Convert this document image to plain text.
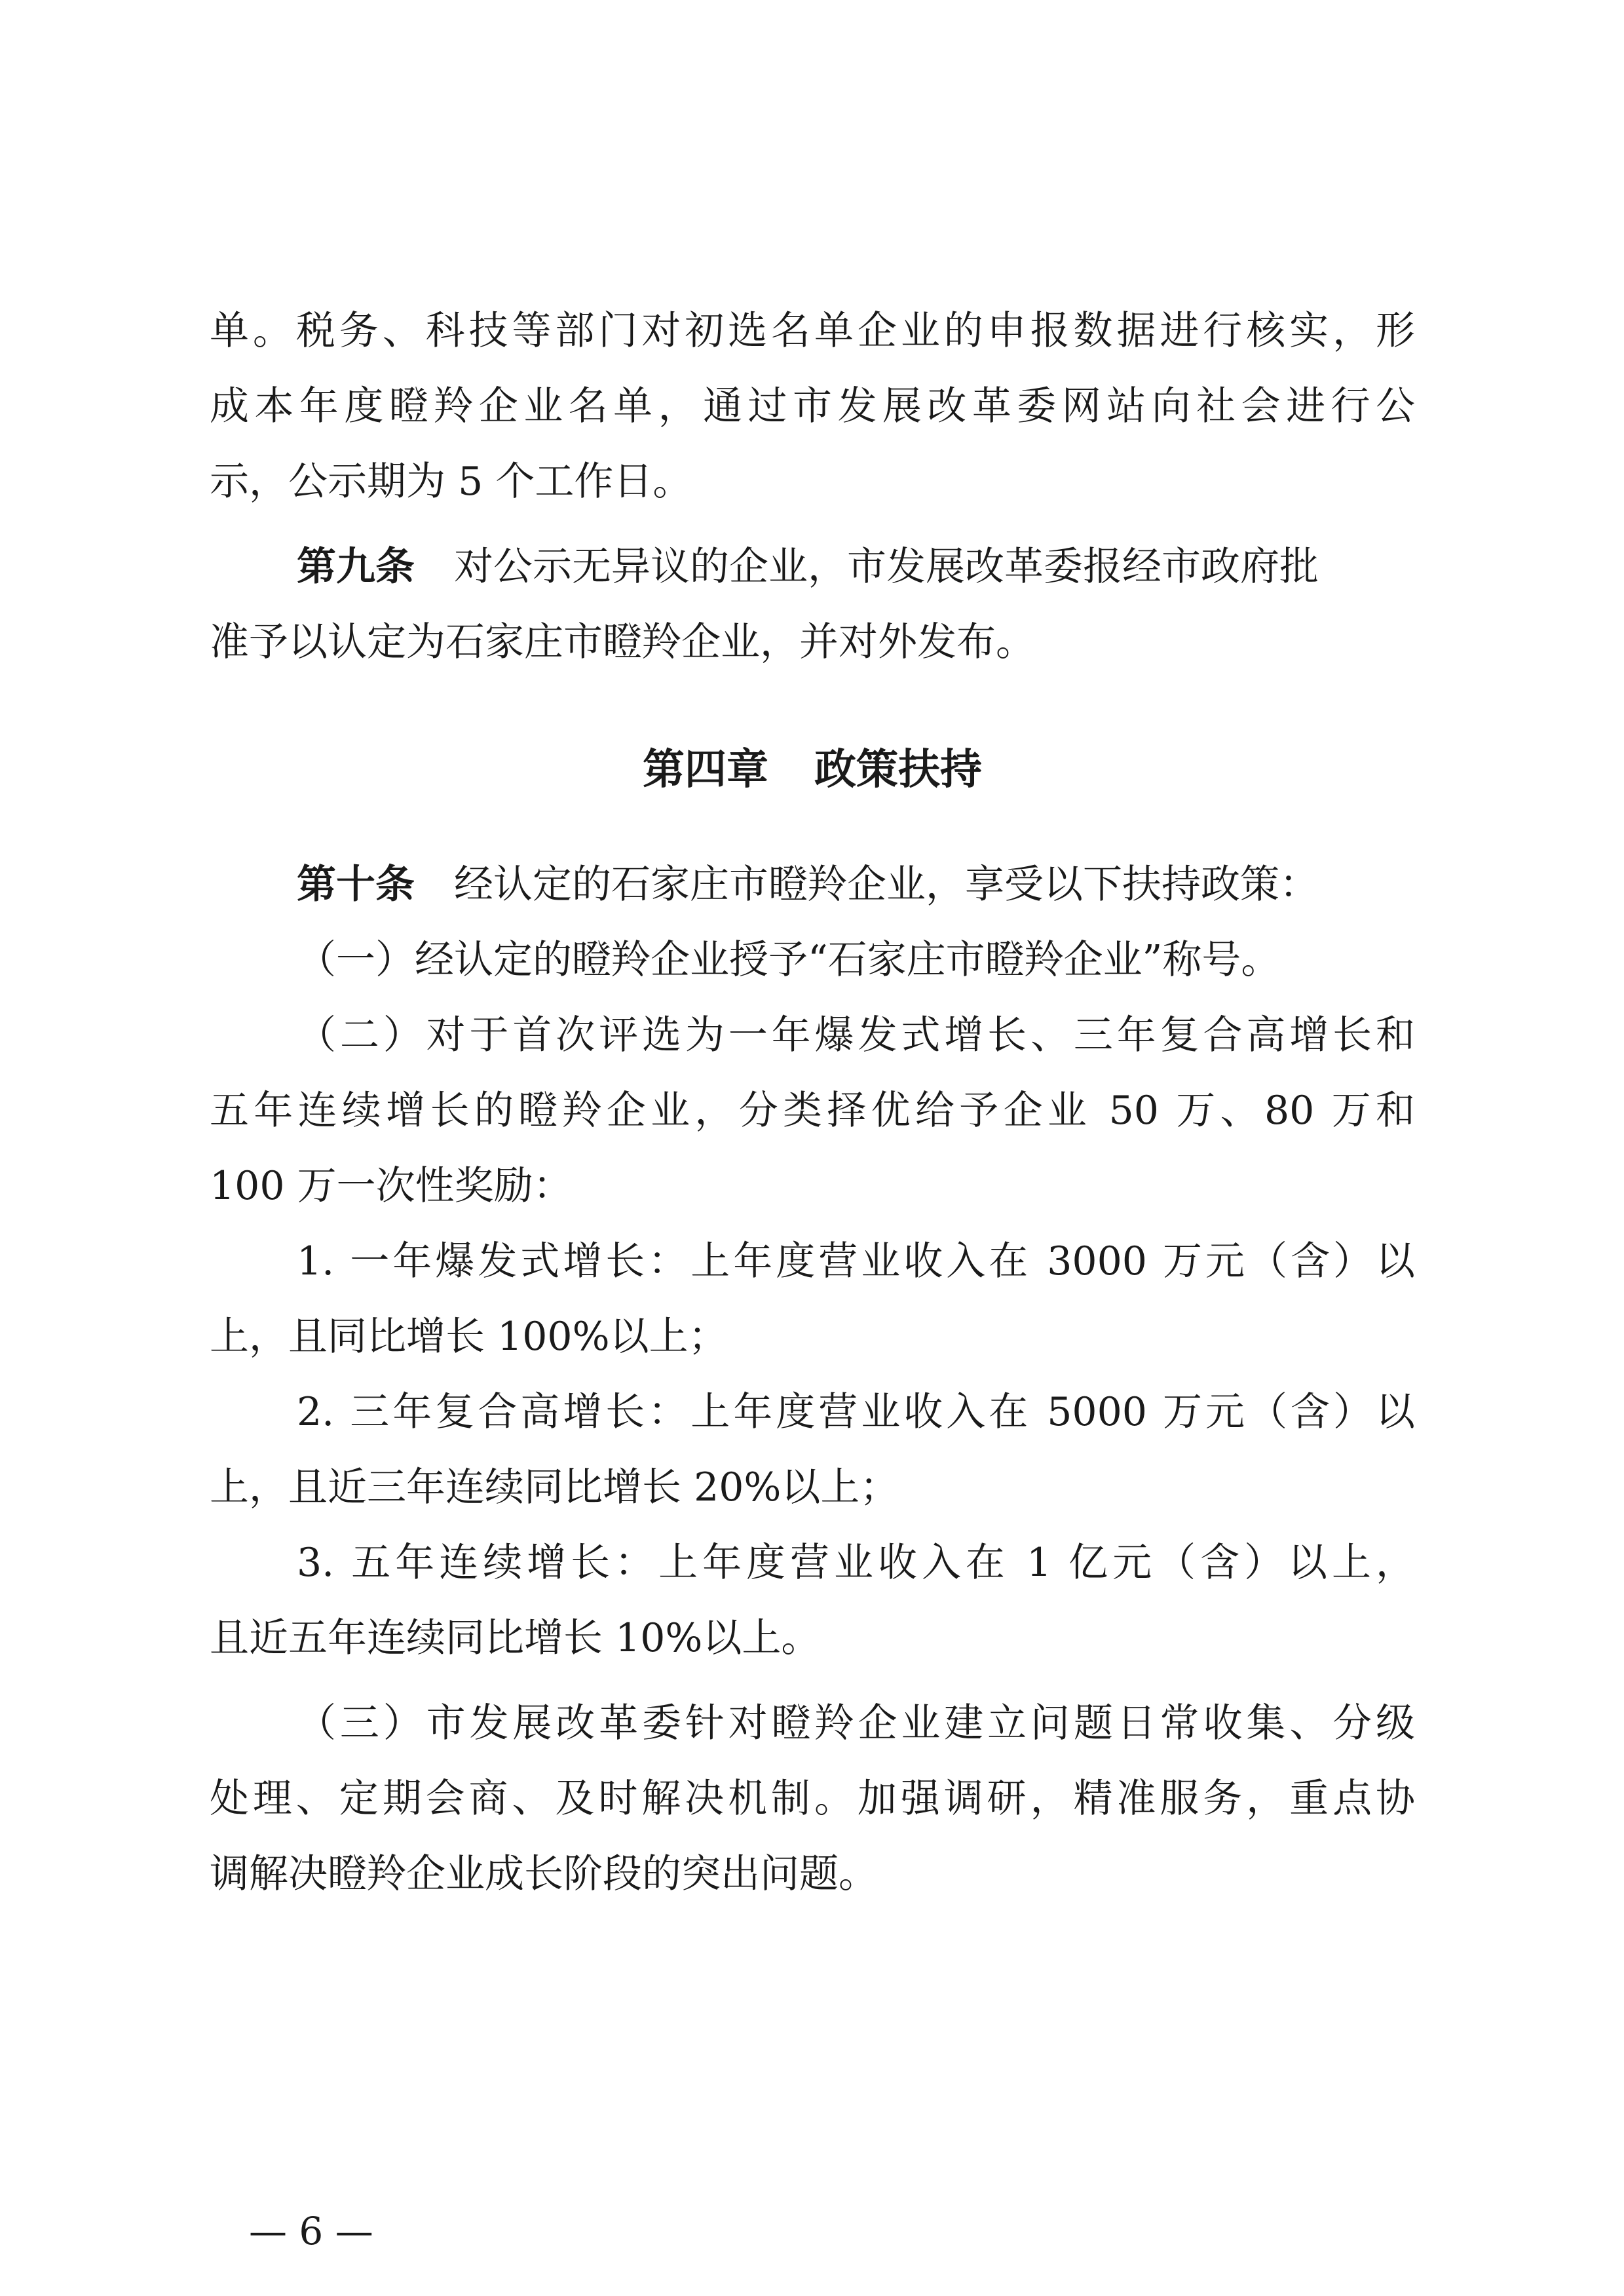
单。税务、科技等部门对初选名单企业的申报数据进行核实，形
成本年度瞪羚企业名单，通过市发展改革委网站向社会进行公
示，公示期为 5 个工作日。
第九条 对公示无异议的企业，市发展改革委报经市政府批
准予以认定为石家庄市瞪羚企业，并对外发布。
第四章 政策扶持
第十条 经认定的石家庄市瞪羚企业，享受以下扶持政策：
（一）经认定的瞪羚企业授予“石家庄市瞪羚企业”称号。
（二）对于首次评选为一年爆发式增长、三年复合高增长和
五年连续增长的瞪羚企业，分类择优给予企业 50 万、80 万和
100 万一次性奖励：
1. 一年爆发式增长：上年度营业收入在 3000 万元（含）以
上，且同比增长 100%以上；
2. 三年复合高增长：上年度营业收入在 5000 万元（含）以
上，且近三年连续同比增长 20%以上；
3. 五年连续增长：上年度营业收入在 1 亿元（含）以上，
且近五年连续同比增长 10%以上。
（三）市发展改革委针对瞪羚企业建立问题日常收集、分级
处理、定期会商、及时解决机制。加强调研，精准服务，重点协
调解决瞪羚企业成长阶段的突出问题。
— 6 —
